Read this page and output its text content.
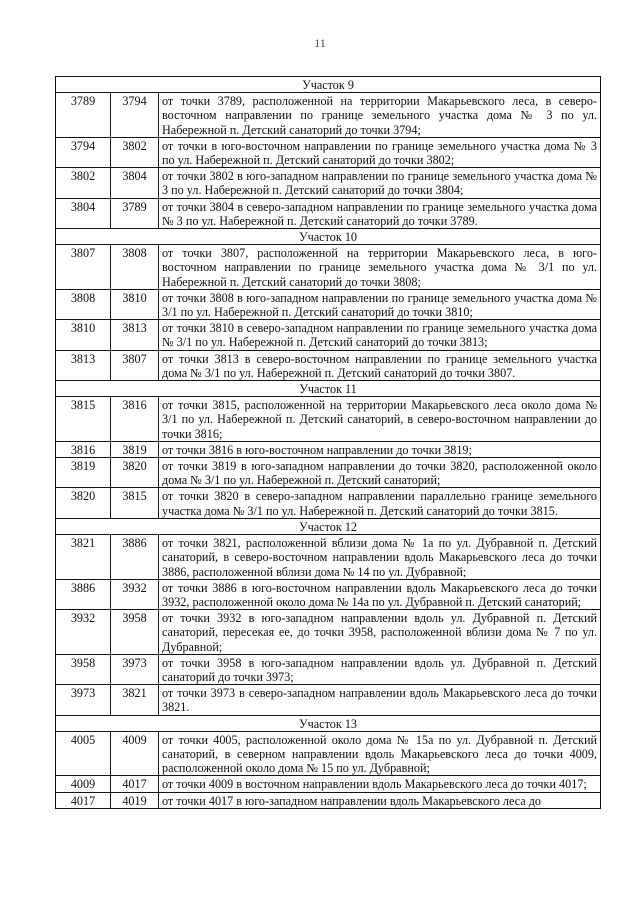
11
Участок 9		
3789	3794	от точки 3789, расположенной на территории Макарьевского леса, в северо-восточном направлении по границе земельного участка дома № 3 по ул. Набережной п. Детский санаторий до точки 3794;
3794	3802	от точки в юго-восточном направлении по границе земельного участка дома № 3 по ул. Набережной п. Детский санаторий до точки 3802;
3802	3804	от точки 3802 в юго-западном направлении по границе земельного участка дома № 3 по ул. Набережной п. Детский санаторий до точки 3804;
3804	3789	от точки 3804 в северо-западном направлении по границе земельного участка дома № 3 по ул. Набережной п. Детский санаторий до точки 3789.
Участок 10		
3807	3808	от точки 3807, расположенной на территории Макарьевского леса, в юго-восточном направлении по границе земельного участка дома № 3/1 по ул. Набережной п. Детский санаторий до точки 3808;
3808	3810	от точки 3808 в юго-западном направлении по границе земельного участка дома № 3/1 по ул. Набережной п. Детский санаторий до точки 3810;
3810	3813	от точки 3810 в северо-западном направлении по границе земельного участка дома № 3/1 по ул. Набережной п. Детский санаторий до точки 3813;
3813	3807	от точки 3813 в северо-восточном направлении по границе земельного участка дома № 3/1 по ул. Набережной п. Детский санаторий до точки 3807.
Участок 11		
3815	3816	от точки 3815, расположенной на территории Макарьевского леса около дома № 3/1 по ул. Набережной п. Детский санаторий, в северо-восточном направлении до точки 3816;
3816	3819	от точки 3816 в юго-восточном направлении до точки 3819;
3819	3820	от точки 3819 в юго-западном направлении до точки 3820, расположенной около дома № 3/1 по ул. Набережной п. Детский санаторий;
3820	3815	от точки 3820 в северо-западном направлении параллельно границе земельного участка дома № 3/1 по ул. Набережной п. Детский санаторий до точки 3815.
Участок 12		
3821	3886	от точки 3821, расположенной вблизи дома № 1а по ул. Дубравной п. Детский санаторий, в северо-восточном направлении вдоль Макарьевского леса до точки 3886, расположенной вблизи дома № 14 по ул. Дубравной;
3886	3932	от точки 3886 в юго-восточном направлении вдоль Макарьевского леса до точки 3932, расположенной около дома № 14а по ул. Дубравной п. Детский санаторий;
3932	3958	от точки 3932 в юго-западном направлении вдоль ул. Дубравной п. Детский санаторий, пересекая ее, до точки 3958, расположенной вблизи дома № 7 по ул. Дубравной;
3958	3973	от точки 3958 в юго-западном направлении вдоль ул. Дубравной п. Детский санаторий до точки 3973;
3973	3821	от точки 3973 в северо-западном направлении вдоль Макарьевского леса до точки 3821.
Участок 13		
4005	4009	от точки 4005, расположенной около дома № 15а по ул. Дубравной п. Детский санаторий, в северном направлении вдоль Макарьевского леса до точки 4009, расположенной около дома № 15 по ул. Дубравной;
4009	4017	от точки 4009 в восточном направлении вдоль Макарьевского леса до точки 4017;
4017	4019	от точки 4017 в юго-западном направлении вдоль Макарьевского леса до
